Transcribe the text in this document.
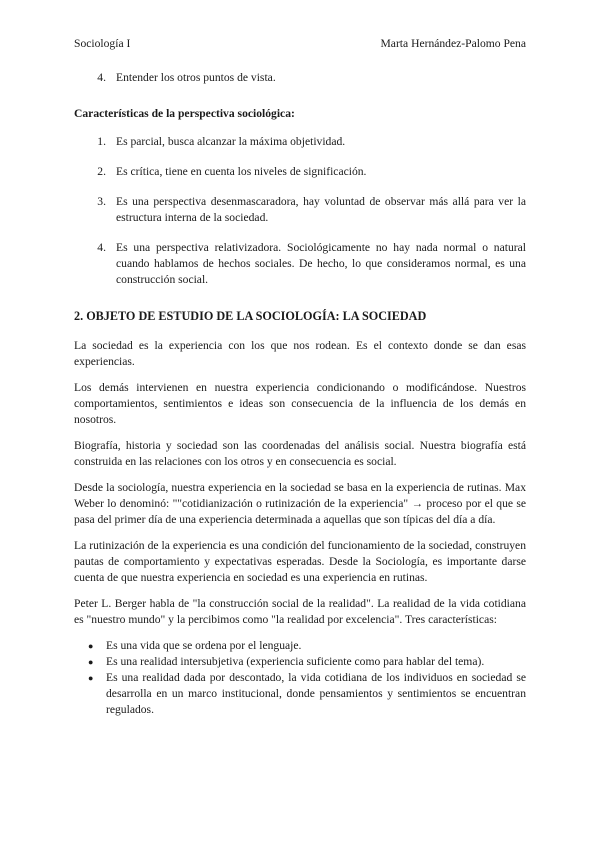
Sociología I	Marta Hernández-Palomo Pena
4. Entender los otros puntos de vista.

Características de la perspectiva sociológica:

1. Es parcial, busca alcanzar la máxima objetividad.
2. Es crítica, tiene en cuenta los niveles de significación.
3. Es una perspectiva desenmascaradora, hay voluntad de observar más allá para ver la estructura interna de la sociedad.
4. Es una perspectiva relativizadora. Sociológicamente no hay nada normal o natural cuando hablamos de hechos sociales. De hecho, lo que consideramos normal, es una construcción social.

2. OBJETO DE ESTUDIO DE LA SOCIOLOGÍA: LA SOCIEDAD

La sociedad es la experiencia con los que nos rodean. Es el contexto donde se dan esas experiencias.

Los demás intervienen en nuestra experiencia condicionando o modificándose. Nuestros comportamientos, sentimientos e ideas son consecuencia de la influencia de los demás en nosotros.

Biografía, historia y sociedad son las coordenadas del análisis social. Nuestra biografía está construida en las relaciones con los otros y en consecuencia es social.

Desde la sociología, nuestra experiencia en la sociedad se basa en la experiencia de rutinas. Max Weber lo denominó: ""cotidianización o rutinización de la experiencia" → proceso por el que se pasa del primer día de una experiencia determinada a aquellas que son típicas del día a día.

La rutinización de la experiencia es una condición del funcionamiento de la sociedad, construyen pautas de comportamiento y expectativas esperadas. Desde la Sociología, es importante darse cuenta de que nuestra experiencia en sociedad es una experiencia en rutinas.

Peter L. Berger habla de "la construcción social de la realidad". La realidad de la vida cotidiana es "nuestro mundo" y la percibimos como "la realidad por excelencia". Tres características:

●	Es una vida que se ordena por el lenguaje.
●	Es una realidad intersubjetiva (experiencia suficiente como para hablar del tema).
●	Es una realidad dada por descontado, la vida cotidiana de los individuos en sociedad se desarrolla en un marco institucional, donde pensamientos y sentimientos se encuentran regulados.
